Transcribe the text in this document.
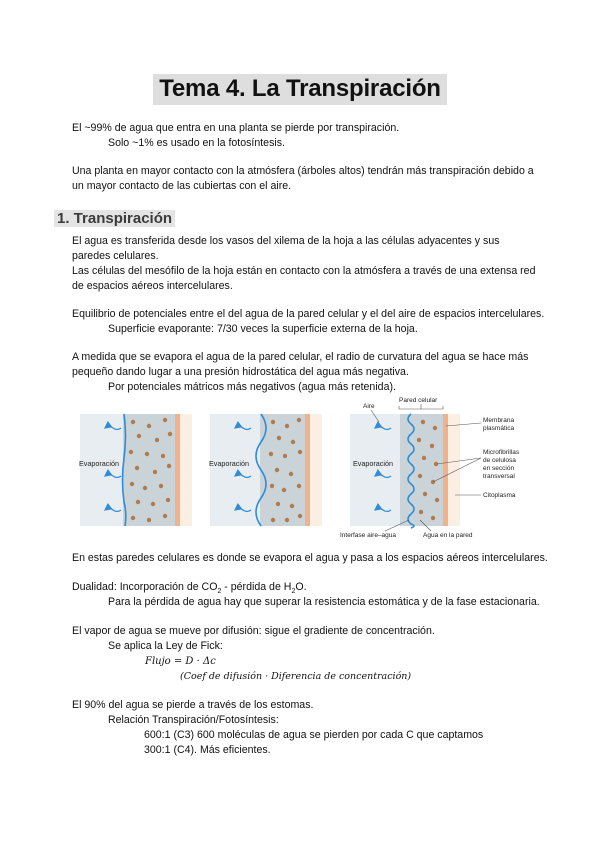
Tema 4. La Transpiración
El ~99% de agua que entra en una planta se pierde por transpiración.
Solo ~1% es usado en la fotosíntesis.
Una planta en mayor contacto con la atmósfera (árboles altos) tendrán más transpiración debido a
un mayor contacto de las cubiertas con el aire.
1. Transpiración
El agua es transferida desde los vasos del xilema de la hoja a las células adyacentes y sus
paredes celulares.
Las células del mesófilo de la hoja están en contacto con la atmósfera a través de una extensa red
de espacios aéreos intercelulares.
Equilibrio de potenciales entre el del agua de la pared celular y el del aire de espacios intercelulares.
Superficie evaporante: 7/30 veces la superficie externa de la hoja.
A medida que se evapora el agua de la pared celular, el radio de curvatura del agua se hace más
pequeño dando lugar a una presión hidrostática del agua más negativa.
Por potenciales mátricos más negativos (agua más retenida).
Evaporación	Evaporación	Evaporación
Aire
Pared celular
Membrana
plasmática
Microfibrillas
de celulosa
en sección
transversal
Citoplasma
Interfase aire–agua	Agua en la pared
En estas paredes celulares es donde se evapora el agua y pasa a los espacios aéreos intercelulares.
Dualidad: Incorporación de $CO_2$ - pérdida de $H_2O$.
Para la pérdida de agua hay que superar la resistencia estomática y de la fase estacionaria.
El vapor de agua se mueve por difusión: sigue el gradiente de concentración.
Se aplica la Ley de Fick:
Flujo = D · Δc
(Coef de difusión · Diferencia de concentración)
El 90% del agua se pierde a través de los estomas.
Relación Transpiración/Fotosíntesis:
600:1 (C3) 600 moléculas de agua se pierden por cada C que captamos
300:1 (C4). Más eficientes.
